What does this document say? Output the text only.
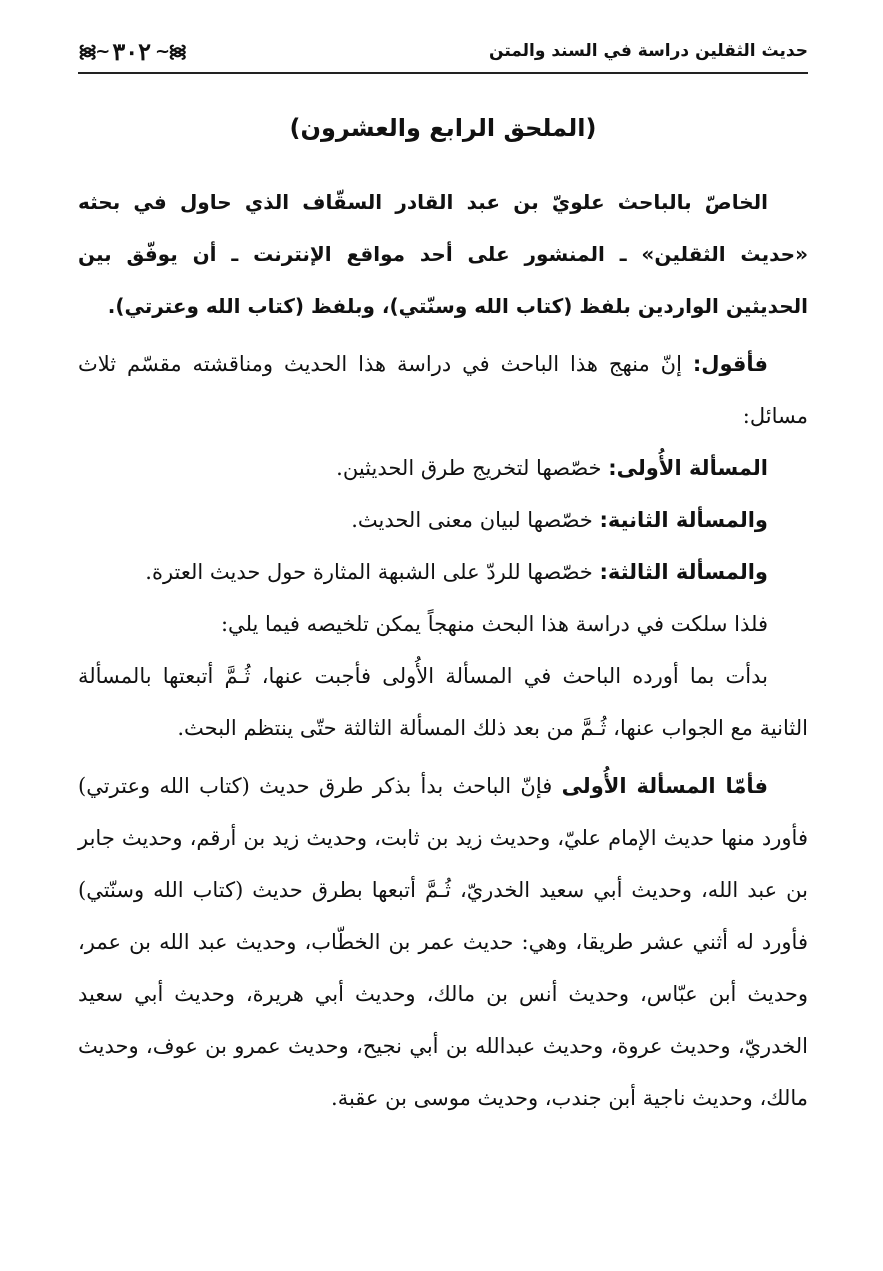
حديث الثقلين دراسة في السند والمتن
᯼~
٣٠٢
~᯼
(الملحق الرابع والعشرون)

الخاصّ بالباحث علويّ بن عبد القادر السقّاف الذي حاول في بحثه «حديث الثقلين» ـ المنشور على أحد مواقع الإنترنت ـ أن يوفّق بين الحديثين الواردين بلفظ (كتاب الله وسنّتي)، وبلفظ (كتاب الله وعترتي).

فأقول: إنّ منهج هذا الباحث في دراسة هذا الحديث ومناقشته مقسّم ثلاث مسائل:

المسألة الأُولى: خصّصها لتخريج طرق الحديثين.

والمسألة الثانية: خصّصها لبيان معنى الحديث.

والمسألة الثالثة: خصّصها للردّ على الشبهة المثارة حول حديث العترة.

فلذا سلكت في دراسة هذا البحث منهجاً يمكن تلخيصه فيما يلي:

بدأت بما أورده الباحث في المسألة الأُولى فأجبت عنها، ثُـمَّ أتبعتها بالمسألة الثانية مع الجواب عنها، ثُـمَّ من بعد ذلك المسألة الثالثة حتّى ينتظم البحث.

فأمّا المسألة الأُولى فإنّ الباحث بدأ بذكر طرق حديث (كتاب الله وعترتي) فأورد منها حديث الإمام عليّ، وحديث زيد بن ثابت، وحديث زيد بن أرقم، وحديث جابر بن عبد الله، وحديث أبي سعيد الخدريّ، ثُـمَّ أتبعها بطرق حديث (كتاب الله وسنّتي) فأورد له أثني عشر طريقا، وهي: حديث عمر بن الخطّاب، وحديث عبد الله بن عمر، وحديث أبن عبّاس، وحديث أنس بن مالك، وحديث أبي هريرة، وحديث أبي سعيد الخدريّ، وحديث عروة، وحديث عبدالله بن أبي نجيح، وحديث عمرو بن عوف، وحديث مالك، وحديث ناجية أبن جندب، وحديث موسى بن عقبة.
